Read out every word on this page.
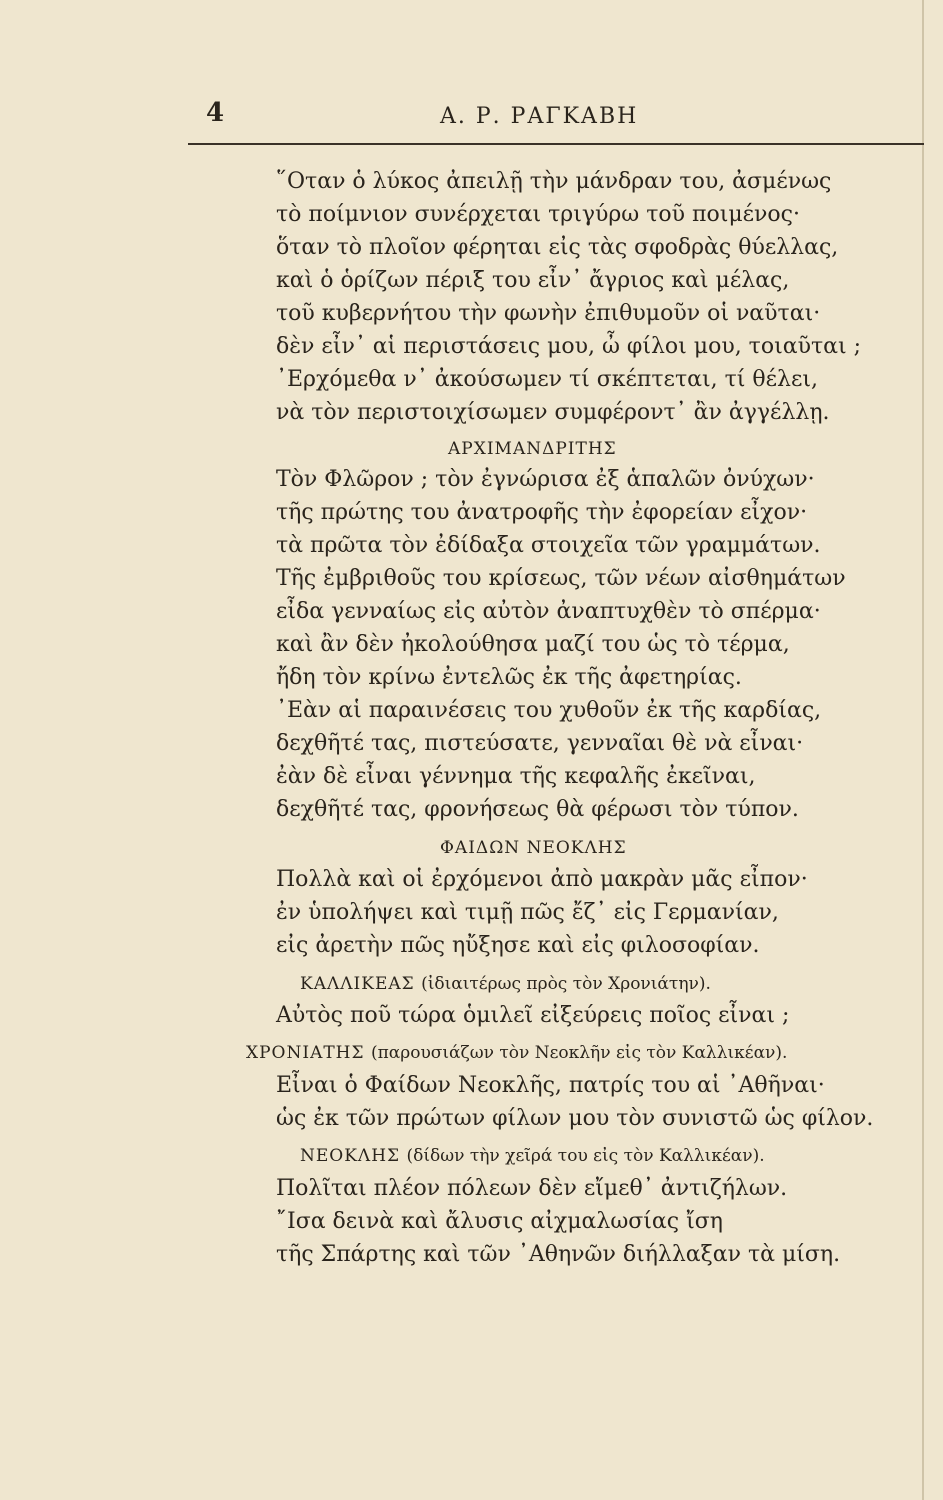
4	Α. Ρ. ΡΑΓΚΑΒΗ
῞Οταν ὁ λύκος ἀπειλῇ τὴν μάνδραν του, ἀσμένως
τὸ ποίμνιον συνέρχεται τριγύρω τοῦ ποιμένος·
ὅταν τὸ πλοῖον φέρηται εἰς τὰς σφοδρὰς θύελλας,
καὶ ὁ ὁρίζων πέριξ του εἶν᾽ ἄγριος καὶ μέλας,
τοῦ κυβερνήτου τὴν φωνὴν ἐπιθυμοῦν οἱ ναῦται·
δὲν εἶν᾽ αἱ περιστάσεις μου, ὦ φίλοι μου, τοιαῦται ;
᾽Ερχόμεθα ν᾽ ἀκούσωμεν τί σκέπτεται, τί θέλει,
νὰ τὸν περιστοιχίσωμεν συμφέροντ᾽ ἂν ἀγγέλλῃ.
ΑΡΧΙΜΑΝΔΡΙΤΗΣ
Τὸν Φλῶρον ; τὸν ἐγνώρισα ἐξ ἁπαλῶν ὀνύχων·
τῆς πρώτης του ἀνατροφῆς τὴν ἐφορείαν εἶχον·
τὰ πρῶτα τὸν ἐδίδαξα στοιχεῖα τῶν γραμμάτων.
Τῆς ἐμβριθοῦς του κρίσεως, τῶν νέων αἰσθημάτων
εἶδα γενναίως εἰς αὐτὸν ἀναπτυχθὲν τὸ σπέρμα·
καὶ ἂν δὲν ἠκολούθησα μαζί του ὡς τὸ τέρμα,
ἤδη τὸν κρίνω ἐντελῶς ἐκ τῆς ἀφετηρίας.
᾽Εὰν αἱ παραινέσεις του χυθοῦν ἐκ τῆς καρδίας,
δεχθῆτέ τας, πιστεύσατε, γενναῖαι θὲ νὰ εἶναι·
ἐὰν δὲ εἶναι γέννημα τῆς κεφαλῆς ἐκεῖναι,
δεχθῆτέ τας, φρονήσεως θὰ φέρωσι τὸν τύπον.
ΦΑΙΔΩΝ ΝΕΟΚΛΗΣ
Πολλὰ καὶ οἱ ἐρχόμενοι ἀπὸ μακρὰν μᾶς εἶπον·
ἐν ὑπολήψει καὶ τιμῇ πῶς ἔζ᾽ εἰς Γερμανίαν,
εἰς ἀρετὴν πῶς ηὔξησε καὶ εἰς φιλοσοφίαν.
ΚΑΛΛΙΚΕΑΣ (ἰδιαιτέρως πρὸς τὸν Χρονιάτην).
Αὐτὸς ποῦ τώρα ὁμιλεῖ εἰξεύρεις ποῖος εἶναι ;
ΧΡΟΝΙΑΤΗΣ (παρουσιάζων τὸν Νεοκλῆν εἰς τὸν Καλλικέαν).
Εἶναι ὁ Φαίδων Νεοκλῆς, πατρίς του αἱ ᾽Αθῆναι·
ὡς ἐκ τῶν πρώτων φίλων μου τὸν συνιστῶ ὡς φίλον.
ΝΕΟΚΛΗΣ (δίδων τὴν χεῖρά του εἰς τὸν Καλλικέαν).
Πολῖται πλέον πόλεων δὲν εἴμεθ᾽ ἀντιζήλων.
῎Ισα δεινὰ καὶ ἄλυσις αἰχμαλωσίας ἴση
τῆς Σπάρτης καὶ τῶν ᾽Αθηνῶν διήλλαξαν τὰ μίση.
